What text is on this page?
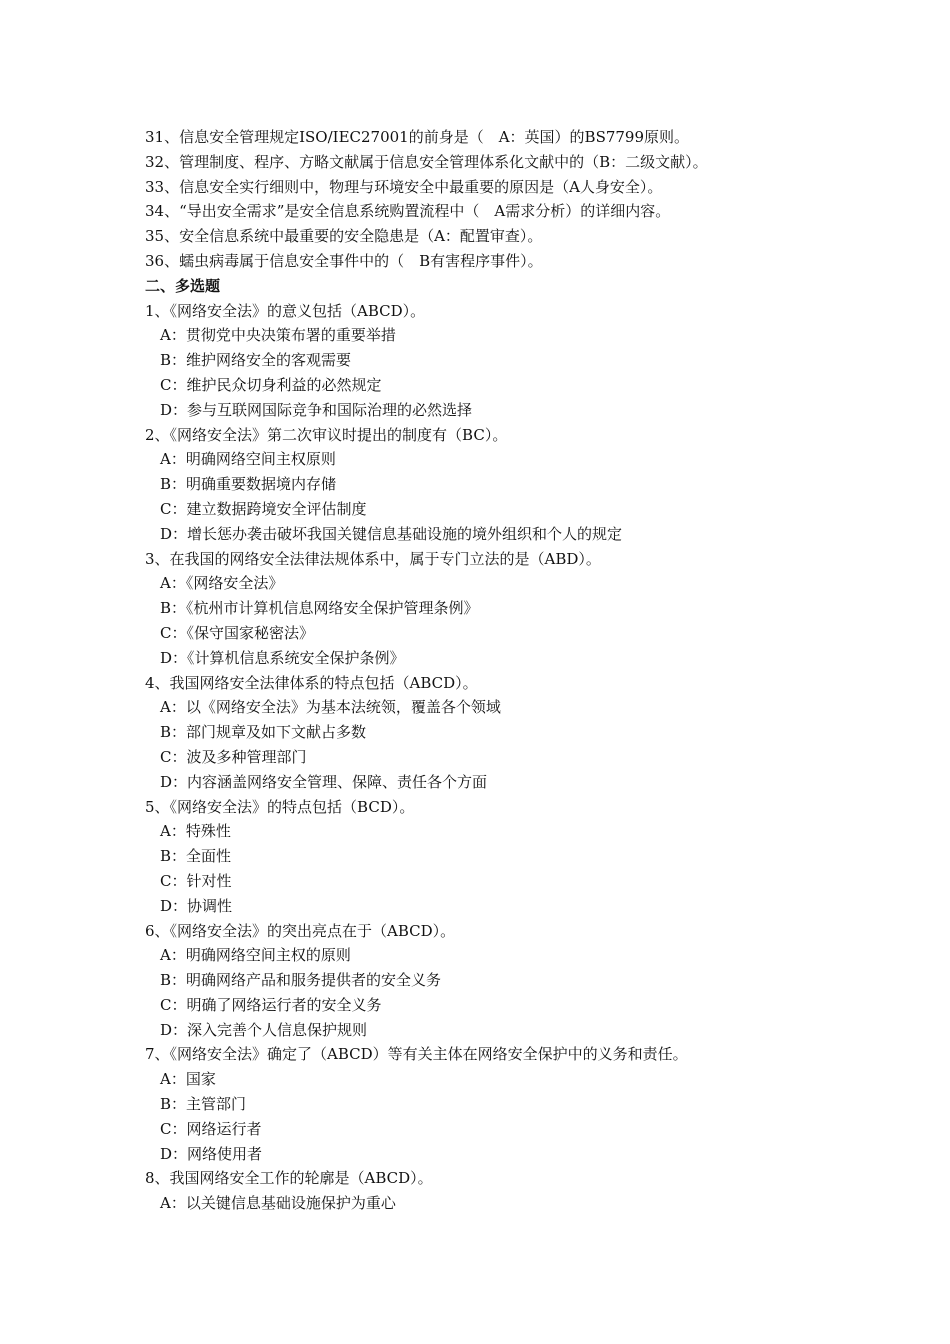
31、信息安全管理规定ISO/IEC27001的前身是（　A：英国）的BS7799原则。
32、管理制度、程序、方略文献属于信息安全管理体系化文献中的（B：二级文献）。
33、信息安全实行细则中，物理与环境安全中最重要的原因是（A人身安全）。
34、“导出安全需求”是安全信息系统购置流程中（　A需求分析）的详细内容。
35、安全信息系统中最重要的安全隐患是（A：配置审查）。
36、蠕虫病毒属于信息安全事件中的（　B有害程序事件）。
二、多选题
1、《网络安全法》的意义包括（ABCD）。
A：贯彻党中央决策布署的重要举措
B：维护网络安全的客观需要
C：维护民众切身利益的必然规定
D：参与互联网国际竞争和国际治理的必然选择
2、《网络安全法》第二次审议时提出的制度有（BC）。
A：明确网络空间主权原则
B：明确重要数据境内存储
C：建立数据跨境安全评估制度
D：增长惩办袭击破坏我国关键信息基础设施的境外组织和个人的规定
3、在我国的网络安全法律法规体系中，属于专门立法的是（ABD）。
A：《网络安全法》
B：《杭州市计算机信息网络安全保护管理条例》
C：《保守国家秘密法》
D：《计算机信息系统安全保护条例》
4、我国网络安全法律体系的特点包括（ABCD）。
A：以《网络安全法》为基本法统领，覆盖各个领域
B：部门规章及如下文献占多数
C：波及多种管理部门
D：内容涵盖网络安全管理、保障、责任各个方面
5、《网络安全法》的特点包括（BCD）。
A：特殊性
B：全面性
C：针对性
D：协调性
6、《网络安全法》的突出亮点在于（ABCD）。
A：明确网络空间主权的原则
B：明确网络产品和服务提供者的安全义务
C：明确了网络运行者的安全义务
D：深入完善个人信息保护规则
7、《网络安全法》确定了（ABCD）等有关主体在网络安全保护中的义务和责任。
A：国家
B：主管部门
C：网络运行者
D：网络使用者
8、我国网络安全工作的轮廓是（ABCD）。
A：以关键信息基础设施保护为重心
